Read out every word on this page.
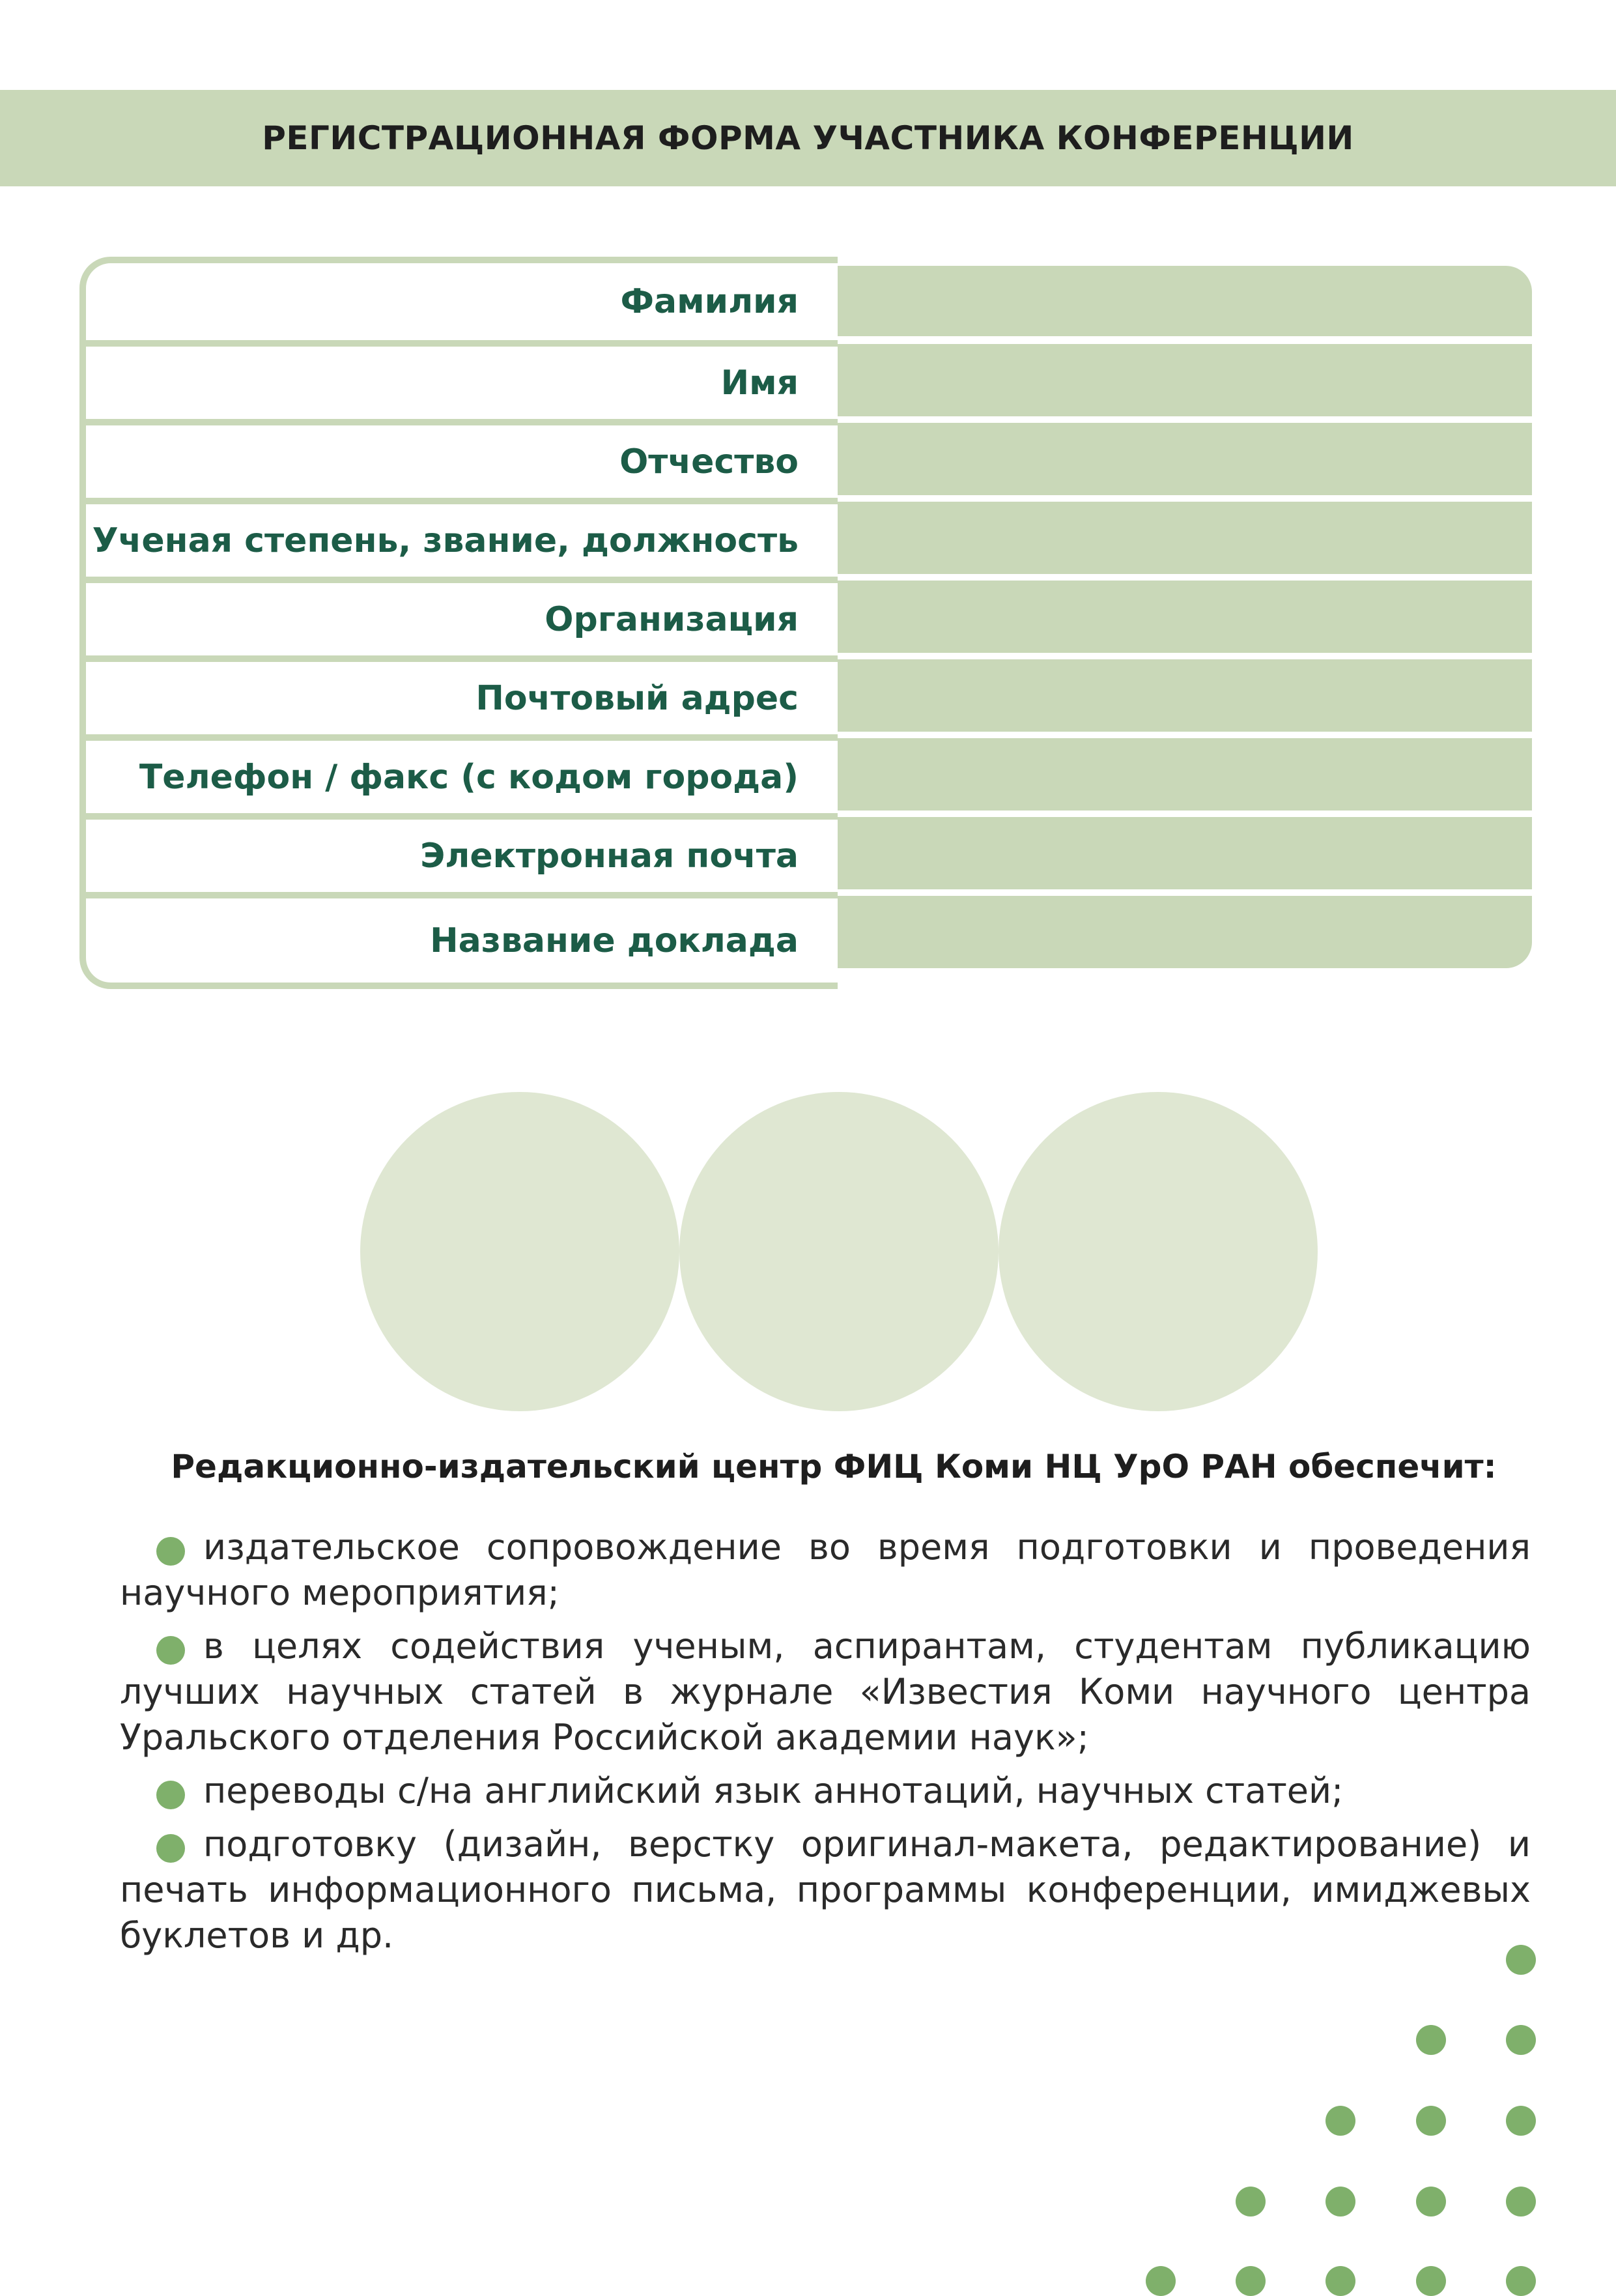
РЕГИСТРАЦИОННАЯ ФОРМА УЧАСТНИКА КОНФЕРЕНЦИИ
Фамилия
Имя
Отчество
Ученая степень, звание, должность
Организация
Почтовый адрес
Телефон / факс (с кодом города)
Электронная почта
Название доклада
Редакционно-издательский центр ФИЦ Коми НЦ УрО РАН обеспечит:
издательское сопровождение во время подготовки и проведения научного мероприятия;
в целях содействия ученым, аспирантам, студентам публикацию лучших научных статей в журнале «Известия Коми научного центра Уральского отделения Российской академии наук»;
переводы с/на английский язык аннотаций, научных статей;
подготовку (дизайн, верстку оригинал-макета, редактирование) и печать информационного письма, программы конференции, имиджевых буклетов и др.
